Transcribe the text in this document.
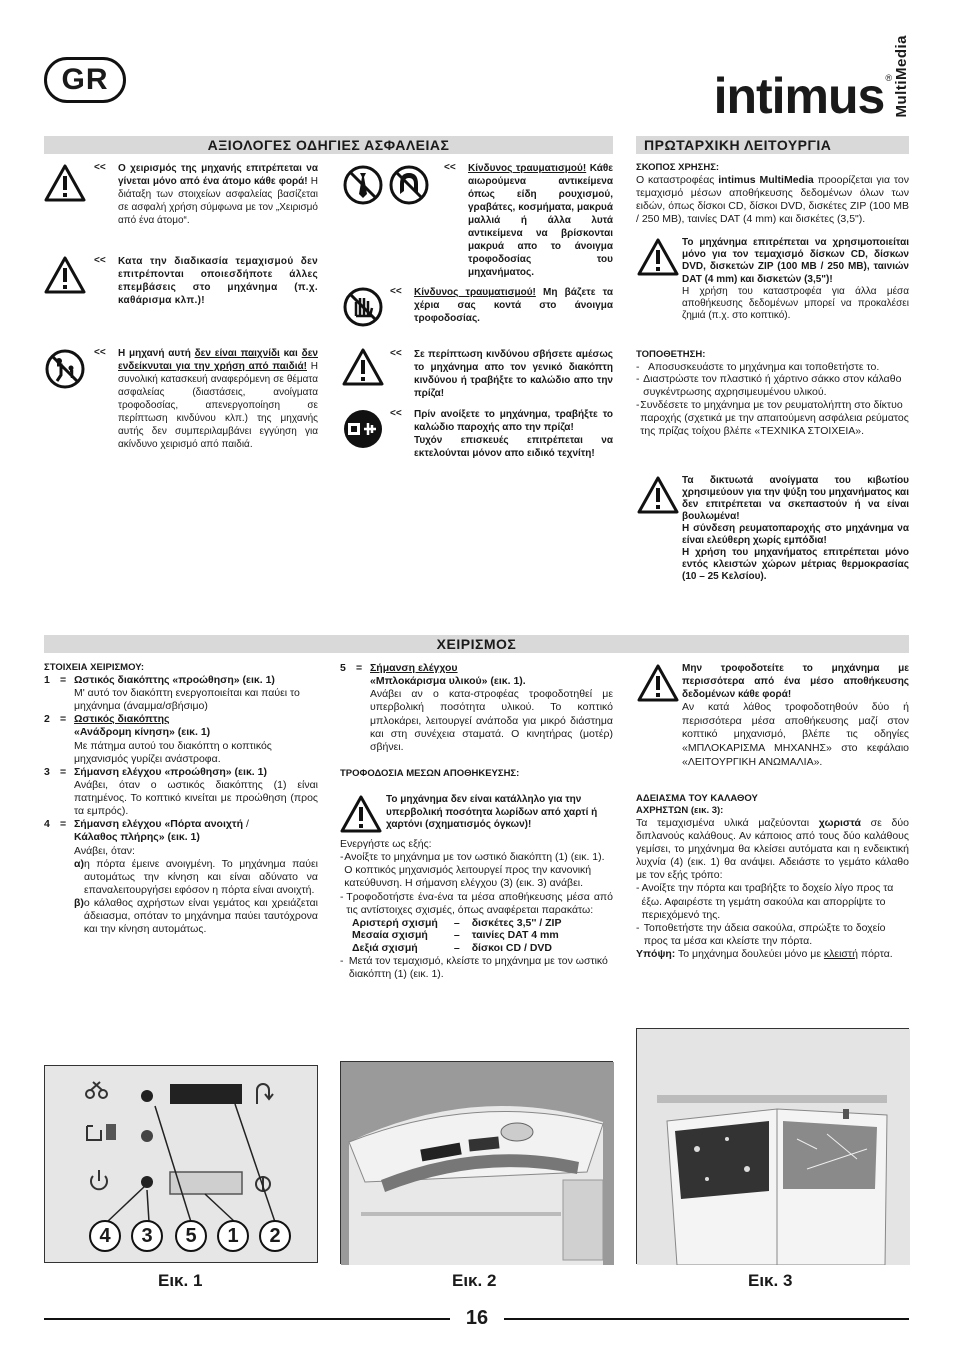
GR	intimus ® MultiMedia
ΑΞΙΟΛΟΓΕΣ ΟΔΗΓΙΕΣ ΑΣΦΑΛΕΙΑΣ
<<	Ο χειρισμός της μηχανής επιτρέπεται να γίνεται μόνο από ένα άτομο κάθε φορά! Η διάταξη των στοιχείων ασφαλείας βασίζεται σε ασφαλή χρήση σύμφωνα με τον „Χειρισμό από ένα άτομο“.
<<	Κατα την διαδικασία τεμαχισμού δεν επιτρέπονται οποιεσδήποτε άλλες επεμβάσεις στο μηχάνημα (π.χ. καθάρισμα κλπ.)!
<<	Η μηχανή αυτή δεν είναι παιχνίδι και δεν ενδείκνυται για την χρήση από παιδιά! Η συνολική κατασκευή αναφερόμενη σε θέματα ασφαλείας (διαστάσεις, ανοίγματα τροφοδοσίας, απενεργοποίηση σε περίπτωση κινδύνου κλπ.) της μηχανής αυτής δεν συμπεριλαμβάνει εγγύηση για ακίνδυνο χειρισμό από παιδιά.
<<	Κίνδυνος τραυματισμού! Κάθε αιωρούμενα αντικείμενα όπως είδη ρουχισμού, γραβάτες, κοσμήματα, μακρυά μαλλιά ή άλλα λυτά αντικείμενα να βρίσκονται μακρυά απο το άνοιγμα τροφοδοσίας του μηχανήματος.
<<	Κίνδυνος τραυματισμού! Μη βάζετε τα χέρια σας κοντά στο άνοιγμα τροφοδοσίας.
<<	Σε περίπτωση κινδύνου σβήσετε αμέσως το μηχάνημα απο τον γενικό διακόπτη κινδύνου ή τραβήξτε το καλώδιο απο την πρίζα!
<<	Πρίν ανοίξετε το μηχάνημα, τραβήξτε το καλώδιο παροχής απο την πρίζα!
Τυχόν επισκευές επιτρέπεται να εκτελούνται μόνον απο ειδικό τεχνίτη!
ΠΡΩΤΑΡΧΙΚΗ ΛΕΙΤΟΥΡΓΙΑ

ΣΚΟΠΟΣ ΧΡΗΣΗΣ:

Ο καταστροφέας intimus MultiMedia προορίζεται για τον τεμαχισμό μέσων αποθήκευσης δεδομένων όλων των ειδών, όπως δίσκοι CD, δίσκοι DVD, δισκέτες ZIP (100 MB / 250 MB), ταινίες DAT (4 mm) και δισκέτες (3,5").

Το μηχάνημα επιτρέπεται να χρησιμοποιείται μόνο για τον τεμαχισμό δίσκων CD, δίσκων DVD, δισκετών ZIP (100 MB / 250 MB), ταινιών DAT (4 mm) και δισκετών (3,5")!

Η χρήση του καταστροφέα για άλλα μέσα αποθήκευσης δεδομένων μπορεί να προκαλέσει ζημιά (π.χ. στο κοπτικό).

ΤΟΠΟΘΕΤΗΣΗ:

- Αποσυσκευάστε το μηχάνημα και τοποθετήστε το.
- Διαστρώστε τον πλαστικό ή χάρτινο σάκκο στον κάλαθο συγκέντρωσης αχρησιμευμένου υλικού.
- Συνδέσετε το μηχάνημα με τον ρευματολήπτη στο δίκτυο παροχής (σχετικά με την απαιτούμενη ασφάλεια ρεύματος της πρίζας τοίχου βλέπε «ΤΕΧΝΙΚΑ ΣΤΟΙΧΕΙΑ».

Τα δικτυωτά ανοίγματα του κιβωτίου χρησιμεύουν για την ψύξη του μηχανήματος και δεν επιτρέπεται να σκεπαστούν ή να είναι βουλωμένα!

Η σύνδεση ρευματοπαροχής στο μηχάνημα να είναι ελεύθερη χωρίς εμπόδια!

Η χρήση του μηχανήματος επιτρέπεται μόνο εντός κλειστών χώρων μέτριας θερμοκρασίας (10 – 25 Κελσίου).

ΧΕΙΡΙΣΜΟΣ

ΣΤΟΙΧΕΙΑ ΧΕΙΡΙΣΜΟΥ:

1 = Ωστικός διακόπτης «προώθηση» (εικ. 1)

Μ' αυτό τον διακόπτη ενεργοποιείται και παύει το μηχάνημα (άναμμα/σβήσιμο)

2 = Ωστικός διακόπτης

«Ανάδρομη κίνηση» (εικ. 1)

Με πάτημα αυτού του διακόπτη ο κοπτικός μηχανισμός γυρίζει ανάστροφα.

3 = Σήμανση ελέγχου «προώθηση» (εικ. 1)

Ανάβει, όταν ο ωστικός διακόπτης (1) είναι πατημένος. Το κοπτικό κινείται με προώθηση (προς τα εμπρός).

4 = Σήμανση ελέγχου «Πόρτα ανοιχτή /

Κάλαθος πλήρης» (εικ. 1)

Ανάβει, όταν:

α) η πόρτα έμεινε ανοιγμένη. Το μηχάνημα παύει αυτομάτως την κίνηση και είναι αδύνατο να επαναλειτουργήσει εφόσον η πόρτα είναι ανοιχτή.
β) ο κάλαθος αχρήστων είναι γεμάτος και χρειάζεται άδειασμα, οπόταν το μηχάνημα παύει ταυτόχρονα και την κίνηση αυτομάτως.
5 = Σήμανση ελέγχου

«Μπλοκάρισμα υλικού» (εικ. 1).

Ανάβει αν ο κατα-στροφέας τροφοδοτηθεί με υπερβολική ποσότητα υλικού. Το κοπτικό μπλοκάρει, λειτουργεί ανάποδα για μικρό διάστημα και στη συνέχεια σταματά. Ο κινητήρας (μοτέρ) σβήνει.

ΤΡΟΦΟΔΟΣΙΑ ΜΕΣΩΝ ΑΠΟΘΗΚΕΥΣΗΣ:

Το μηχάνημα δεν είναι κατάλληλο για την υπερβολική ποσότητα λωρίδων από χαρτί ή χαρτόνι (σχηματισμός όγκων)!

Ενεργήστε ως εξής:

- Ανοίξτε το μηχάνημα με τον ωστικό διακόπτη (1) (εικ. 1). Ο κοπτικός μηχανισμός λειτουργεί προς την κανονική κατεύθυνση. Η σήμανση ελέγχου (3) (εικ. 3) ανάβει.
- Τροφοδοτήστε ένα-ένα τα μέσα αποθήκευσης μέσα από τις αντίστοιχες σχισμές, όπως αναφέρεται παρακάτω:
Αριστερή σχισμή	–	δισκέτες 3,5'' / ZIP
Μεσαία σχισμή	–	ταινίες DAT 4 mm
Δεξιά σχισμή	–	δίσκοι CD / DVD
- Μετά τον τεμαχισμό, κλείστε το μηχάνημα με τον ωστικό διακόπτη (1) (εικ. 1).

Μην τροφοδοτείτε το μηχάνημα με περισσότερα από ένα μέσο αποθήκευσης δεδομένων κάθε φορά!

Αν κατά λάθος τροφοδοτηθούν δύο ή περισσότερα μέσα αποθήκευσης μαζί στον κοπτικό μηχανισμό, βλέπε τις οδηγίες «ΜΠΛΟΚΑΡΙΣΜΑ ΜΗΧΑΝΗΣ» στο κεφάλαιο «ΛΕΙΤΟΥΡΓΙΚΗ ΑΝΩΜΑΛΙΑ».

ΑΔΕΙΑΣΜΑ ΤΟΥ ΚΑΛΑΘΟΥ

ΑΧΡΗΣΤΩΝ (εικ. 3):

Τα τεμαχισμένα υλικά μαζεύονται χωριστά σε δύο διπλανούς καλάθους. Αν κάποιος από τους δύο καλάθους γεμίσει, το μηχάνημα θα κλείσει αυτόματα και η ενδεικτική λυχνία (4) (εικ. 1) θα ανάψει. Αδειάστε το γεμάτο κάλαθο με τον εξής τρόπο:

- Ανοίξτε την πόρτα και τραβήξτε το δοχείο λίγο προς τα έξω. Αφαιρέστε τη γεμάτη σακούλα και απορρίψτε το περιεχόμενό της.
- Τοποθετήστε την άδεια σακούλα, σπρώξτε το δοχείο προς τα μέσα και κλείστε την πόρτα.

Υπόψη: Το μηχάνημα δουλεύει μόνο με κλειστή πόρτα.

4	3	5	1	2
Εικ. 1	Εικ. 2	Εικ. 3
16
